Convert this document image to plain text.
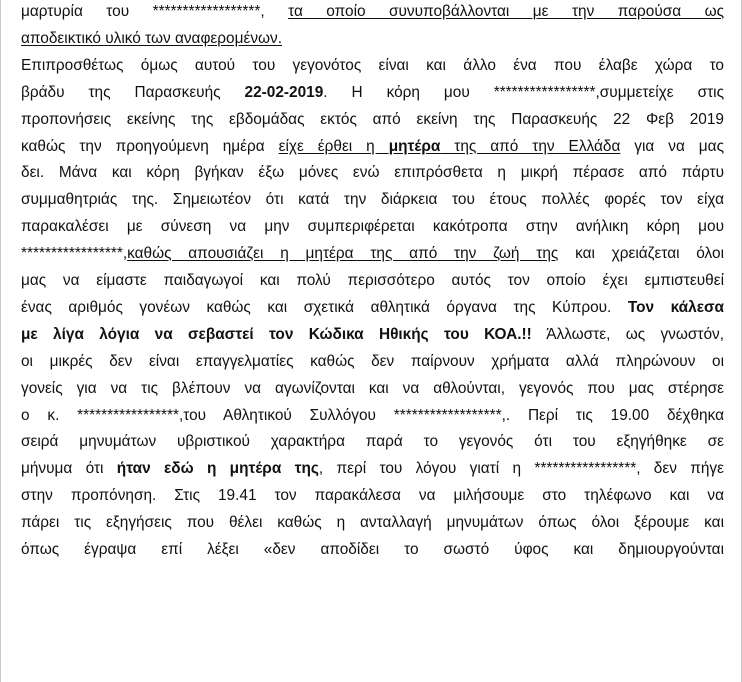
μαρτυρία του ******************, τα οποίο συνυποβάλλονται με την παρούσα ως
αποδεικτικό υλικό των αναφερομένων.
Επιπροσθέτως όμως αυτού του γεγονότος είναι και άλλο ένα που έλαβε χώρα το
βράδυ της Παρασκευής 22-02-2019. Η κόρη μου *****************,συμμετείχε στις
προπονήσεις εκείνης της εβδομάδας εκτός από εκείνη της Παρασκευής 22 Φεβ 2019
καθώς την προηγούμενη ημέρα είχε έρθει η μητέρα της από την Ελλάδα για να μας
δει. Μάνα και κόρη βγήκαν έξω μόνες ενώ επιπρόσθετα η μικρή πέρασε από πάρτυ
συμμαθητριάς της. Σημειωτέον ότι κατά την διάρκεια του έτους πολλές φορές τον είχα
παρακαλέσει με σύνεση να μην συμπεριφέρεται κακότροπα στην ανήλικη κόρη μου
*****************,καθώς απουσιάζει η μητέρα της από την ζωή της και χρειάζεται όλοι
μας να είμαστε παιδαγωγοί και πολύ περισσότερο αυτός τον οποίο έχει εμπιστευθεί
ένας αριθμός γονέων καθώς και σχετικά αθλητικά όργανα της Κύπρου. Τον κάλεσα
με λίγα λόγια να σεβαστεί τον Κώδικα Ηθικής του ΚΟΑ.!! Άλλωστε, ως γνωστόν,
οι μικρές δεν είναι επαγγελματίες καθώς δεν παίρνουν χρήματα αλλά πληρώνουν οι
γονείς για να τις βλέπουν να αγωνίζονται και να αθλούνται, γεγονός που μας στέρησε
ο κ. *****************,του Αθλητικού Συλλόγου ******************,. Περί τις 19.00 δέχθηκα
σειρά μηνυμάτων υβριστικού χαρακτήρα παρά το γεγονός ότι του εξηγήθηκε σε
μήνυμα ότι ήταν εδώ η μητέρα της, περί του λόγου γιατί η *****************, δεν πήγε
στην προπόνηση. Στις 19.41 τον παρακάλεσα να μιλήσουμε στο τηλέφωνο και να
πάρει τις εξηγήσεις που θέλει καθώς η ανταλλαγή μηνυμάτων όπως όλοι ξέρουμε και
όπως έγραψα επί λέξει «δεν αποδίδει το σωστό ύφος και δημιουργούνται
